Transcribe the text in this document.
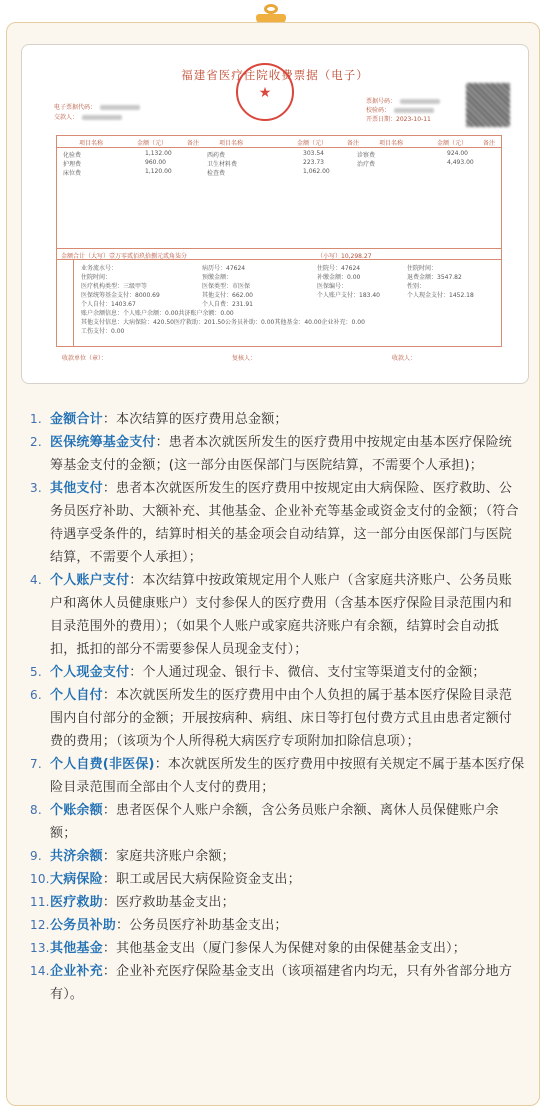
福建省医疗住院收费票据（电子）
★
电子票据代码：
交款人：
票据号码：
校验码：
开票日期：2023-10-11
项目名称	金额（元）	备注	项目名称	金额（元）	备注	项目名称	金额（元）	备注
化验费	1,132.00	西药费	303.54	诊察费	924.00
护理费	960.00	卫生材料费	223.73	治疗费	4,493.00
床位费	1,120.00	检查费	1,062.00
金额合计（大写）壹万零贰佰玖拾捌元贰角柒分	（小写）10,298.27
业务流水号：	病历号：47624	住院号：47624	住院时间：
住院时间：	预缴金额：	补缴金额：0.00	退费金额：3547.82
医疗机构类型：三级甲等	医保类型：市医保	医保编号：	性别：
医保统筹基金支付：8000.69	其他支付：662.00	个人账户支付：183.40	个人现金支付：1452.18
个人自付：1403.67	个人自费：231.91
账户余额信息：个人账户余额：0.00共济账户余额：0.00
其他支付信息：大病保险：420.50医疗救助：201.50公务员补助：0.00其他基金：40.00企业补充：0.00
工伤支付：0.00
收款单位（章）：	复核人：	收款人：
1. 金额合计：本次结算的医疗费用总金额；
2. 医保统筹基金支付：患者本次就医所发生的医疗费用中按规定由基本医疗保险统筹基金支付的金额；(这一部分由医保部门与医院结算，不需要个人承担)；
3. 其他支付：患者本次就医所发生的医疗费用中按规定由大病保险、医疗救助、公务员医疗补助、大额补充、其他基金、企业补充等基金或资金支付的金额；（符合待遇享受条件的，结算时相关的基金项会自动结算，这一部分由医保部门与医院结算，不需要个人承担）；
4. 个人账户支付：本次结算中按政策规定用个人账户（含家庭共济账户、公务员账户和离休人员健康账户）支付参保人的医疗费用（含基本医疗保险目录范围内和目录范围外的费用）；（如果个人账户或家庭共济账户有余额，结算时会自动抵扣，抵扣的部分不需要参保人员现金支付）；
5. 个人现金支付：个人通过现金、银行卡、微信、支付宝等渠道支付的金额；
6. 个人自付：本次就医所发生的医疗费用中由个人负担的属于基本医疗保险目录范围内自付部分的金额；开展按病种、病组、床日等打包付费方式且由患者定额付费的费用；（该项为个人所得税大病医疗专项附加扣除信息项）；
7. 个人自费(非医保)：本次就医所发生的医疗费用中按照有关规定不属于基本医疗保险目录范围而全部由个人支付的费用；
8. 个账余额：患者医保个人账户余额，含公务员账户余额、离休人员保健账户余额；
9. 共济余额：家庭共济账户余额；
10. 大病保险：职工或居民大病保险资金支出；
11. 医疗救助：医疗救助基金支出；
12. 公务员补助：公务员医疗补助基金支出；
13. 其他基金：其他基金支出（厦门参保人为保健对象的由保健基金支出）；
14. 企业补充：企业补充医疗保险基金支出（该项福建省内均无，只有外省部分地方有）。
